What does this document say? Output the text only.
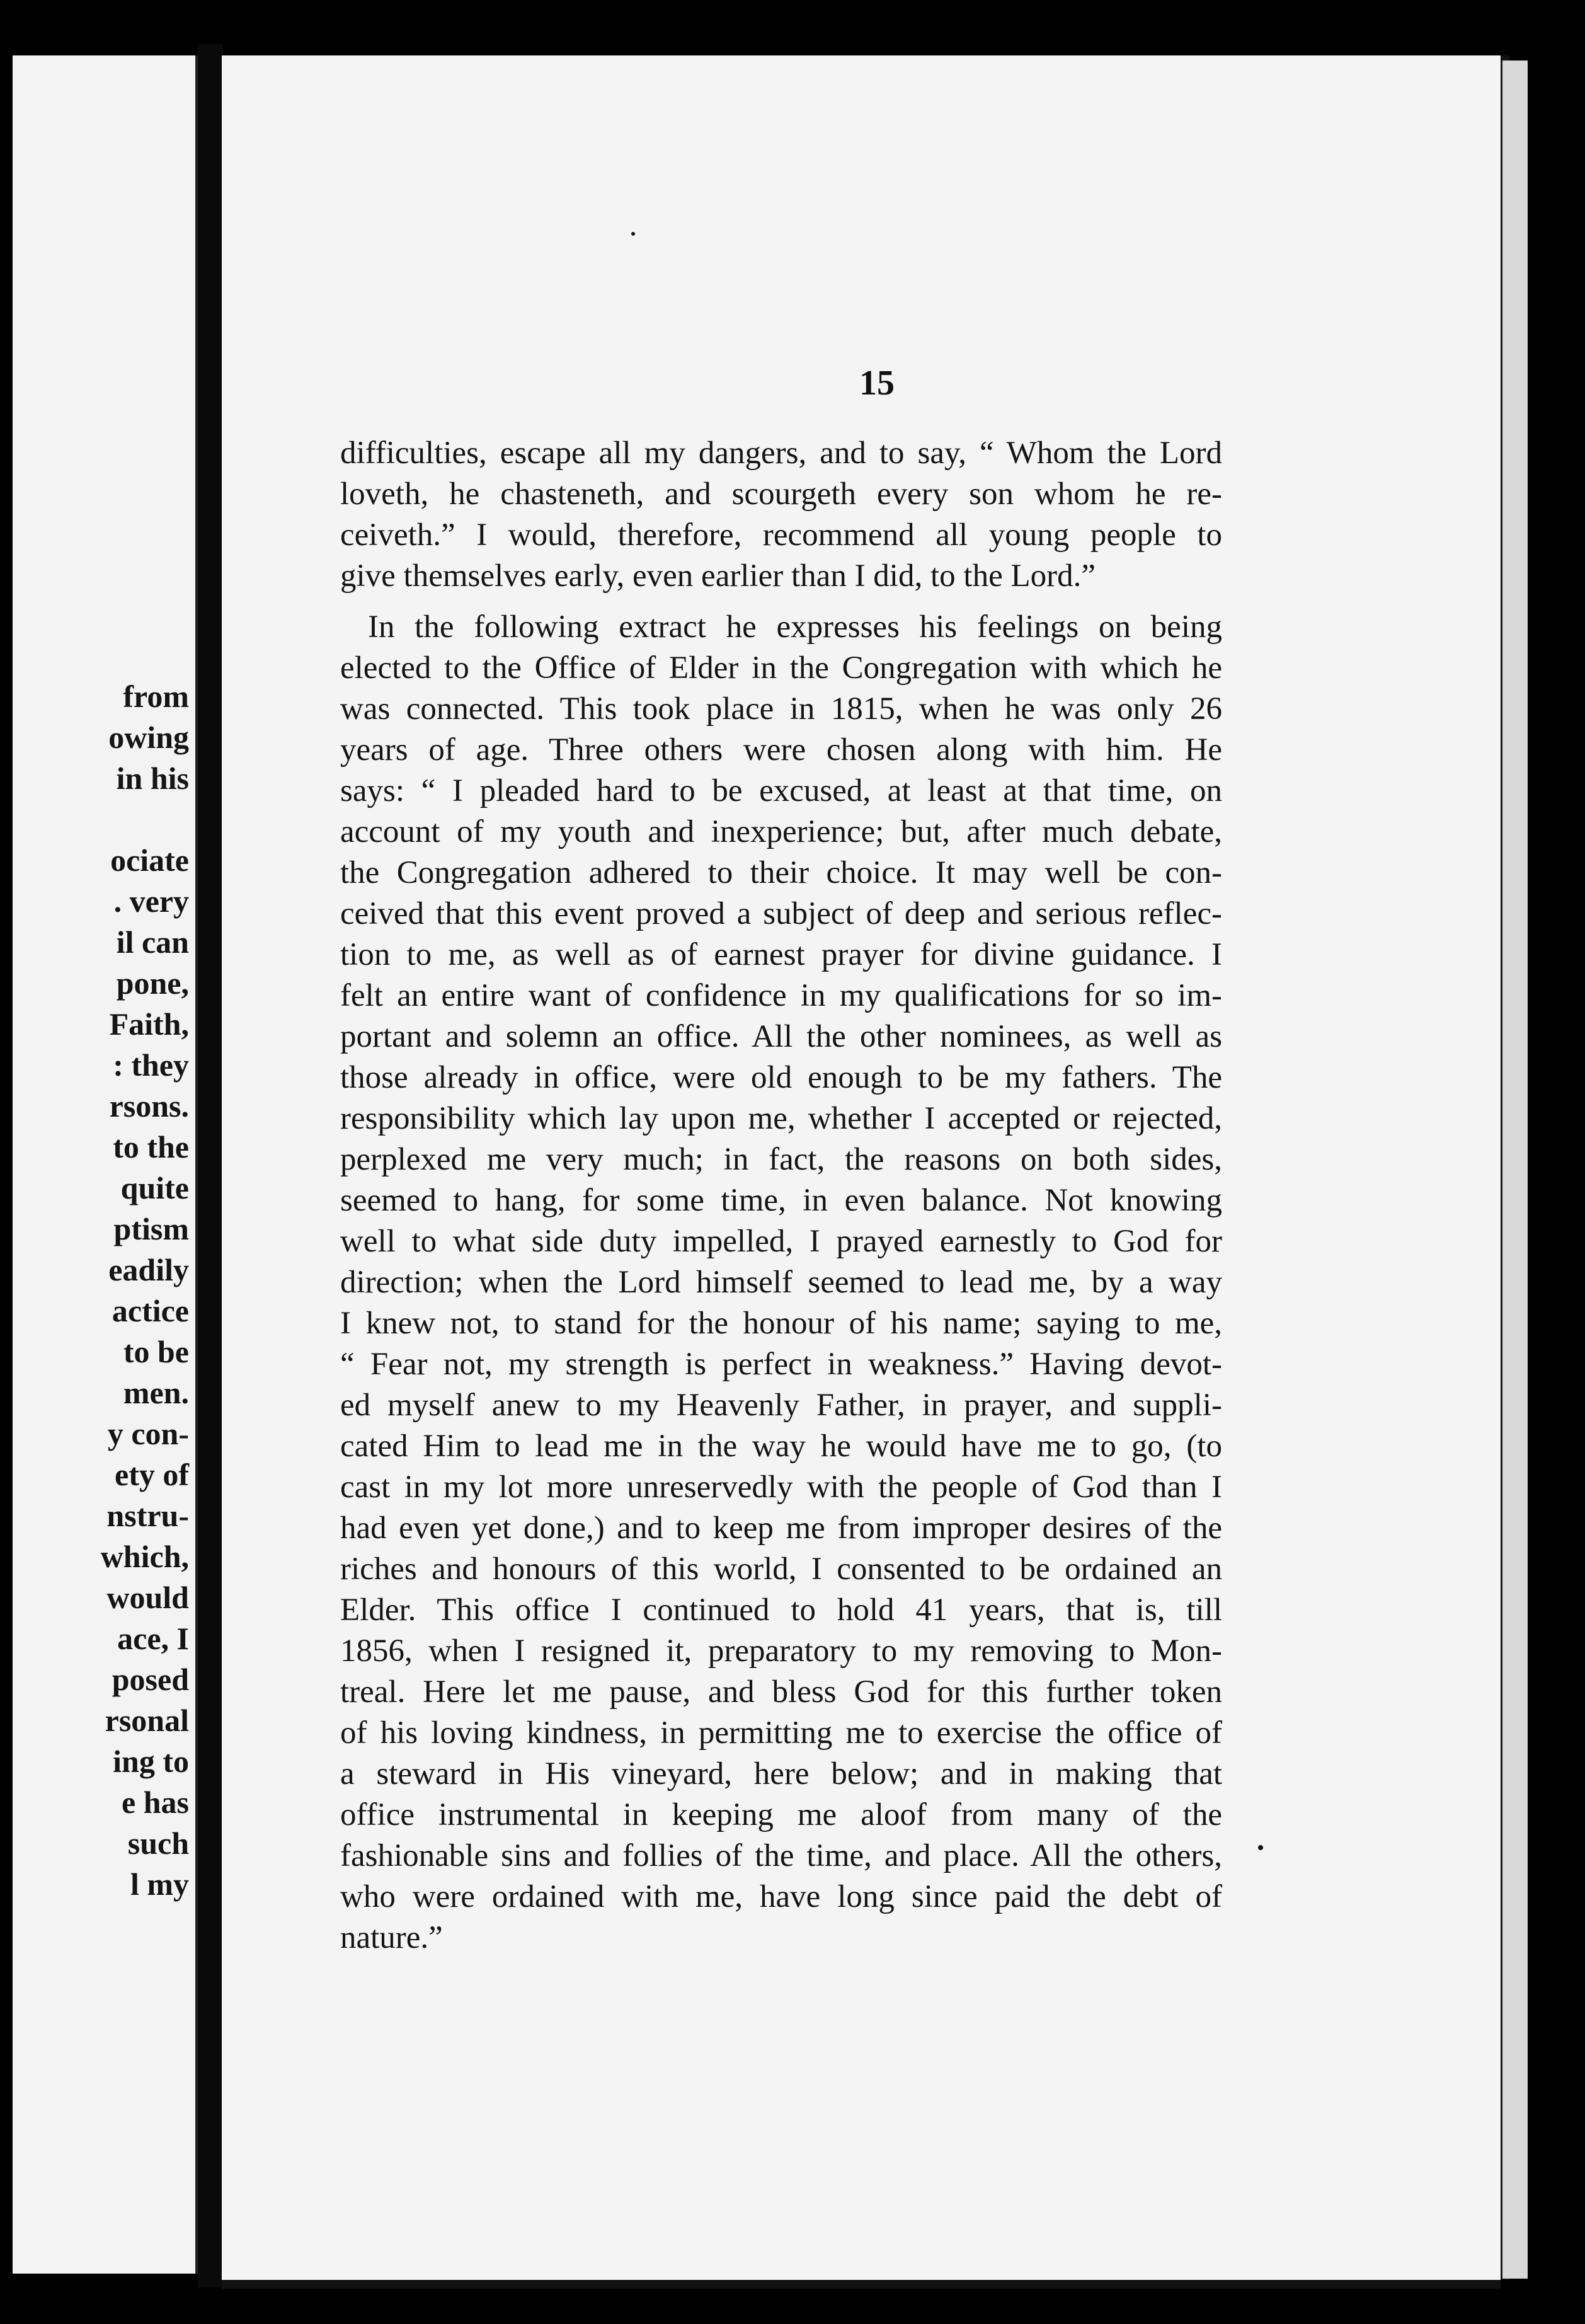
from
owing
in his
ociate
. very
il can
pone,
Faith,
: they
rsons.
to the
quite
ptism
eadily
actice
to be
men.
y con-
ety of
nstru-
which,
would
ace, I
posed
rsonal
ing to
e has
such
l my
15
difficulties, escape all my dangers, and to say, “ Whom the Lord
loveth, he chasteneth, and scourgeth every son whom he re-
ceiveth.” I would, therefore, recommend all young people to
give themselves early, even earlier than I did, to the Lord.”
In the following extract he expresses his feelings on being
elected to the Office of Elder in the Congregation with which he
was connected. This took place in 1815, when he was only 26
years of age. Three others were chosen along with him. He
says: “ I pleaded hard to be excused, at least at that time, on
account of my youth and inexperience; but, after much debate,
the Congregation adhered to their choice. It may well be con-
ceived that this event proved a subject of deep and serious reflec-
tion to me, as well as of earnest prayer for divine guidance. I
felt an entire want of confidence in my qualifications for so im-
portant and solemn an office. All the other nominees, as well as
those already in office, were old enough to be my fathers. The
responsibility which lay upon me, whether I accepted or rejected,
perplexed me very much; in fact, the reasons on both sides,
seemed to hang, for some time, in even balance. Not knowing
well to what side duty impelled, I prayed earnestly to God for
direction; when the Lord himself seemed to lead me, by a way
I knew not, to stand for the honour of his name; saying to me,
“ Fear not, my strength is perfect in weakness.” Having devot-
ed myself anew to my Heavenly Father, in prayer, and suppli-
cated Him to lead me in the way he would have me to go, (to
cast in my lot more unreservedly with the people of God than I
had even yet done,) and to keep me from improper desires of the
riches and honours of this world, I consented to be ordained an
Elder. This office I continued to hold 41 years, that is, till
1856, when I resigned it, preparatory to my removing to Mon-
treal. Here let me pause, and bless God for this further token
of his loving kindness, in permitting me to exercise the office of
a steward in His vineyard, here below; and in making that
office instrumental in keeping me aloof from many of the
fashionable sins and follies of the time, and place. All the others,
who were ordained with me, have long since paid the debt of
nature.”
